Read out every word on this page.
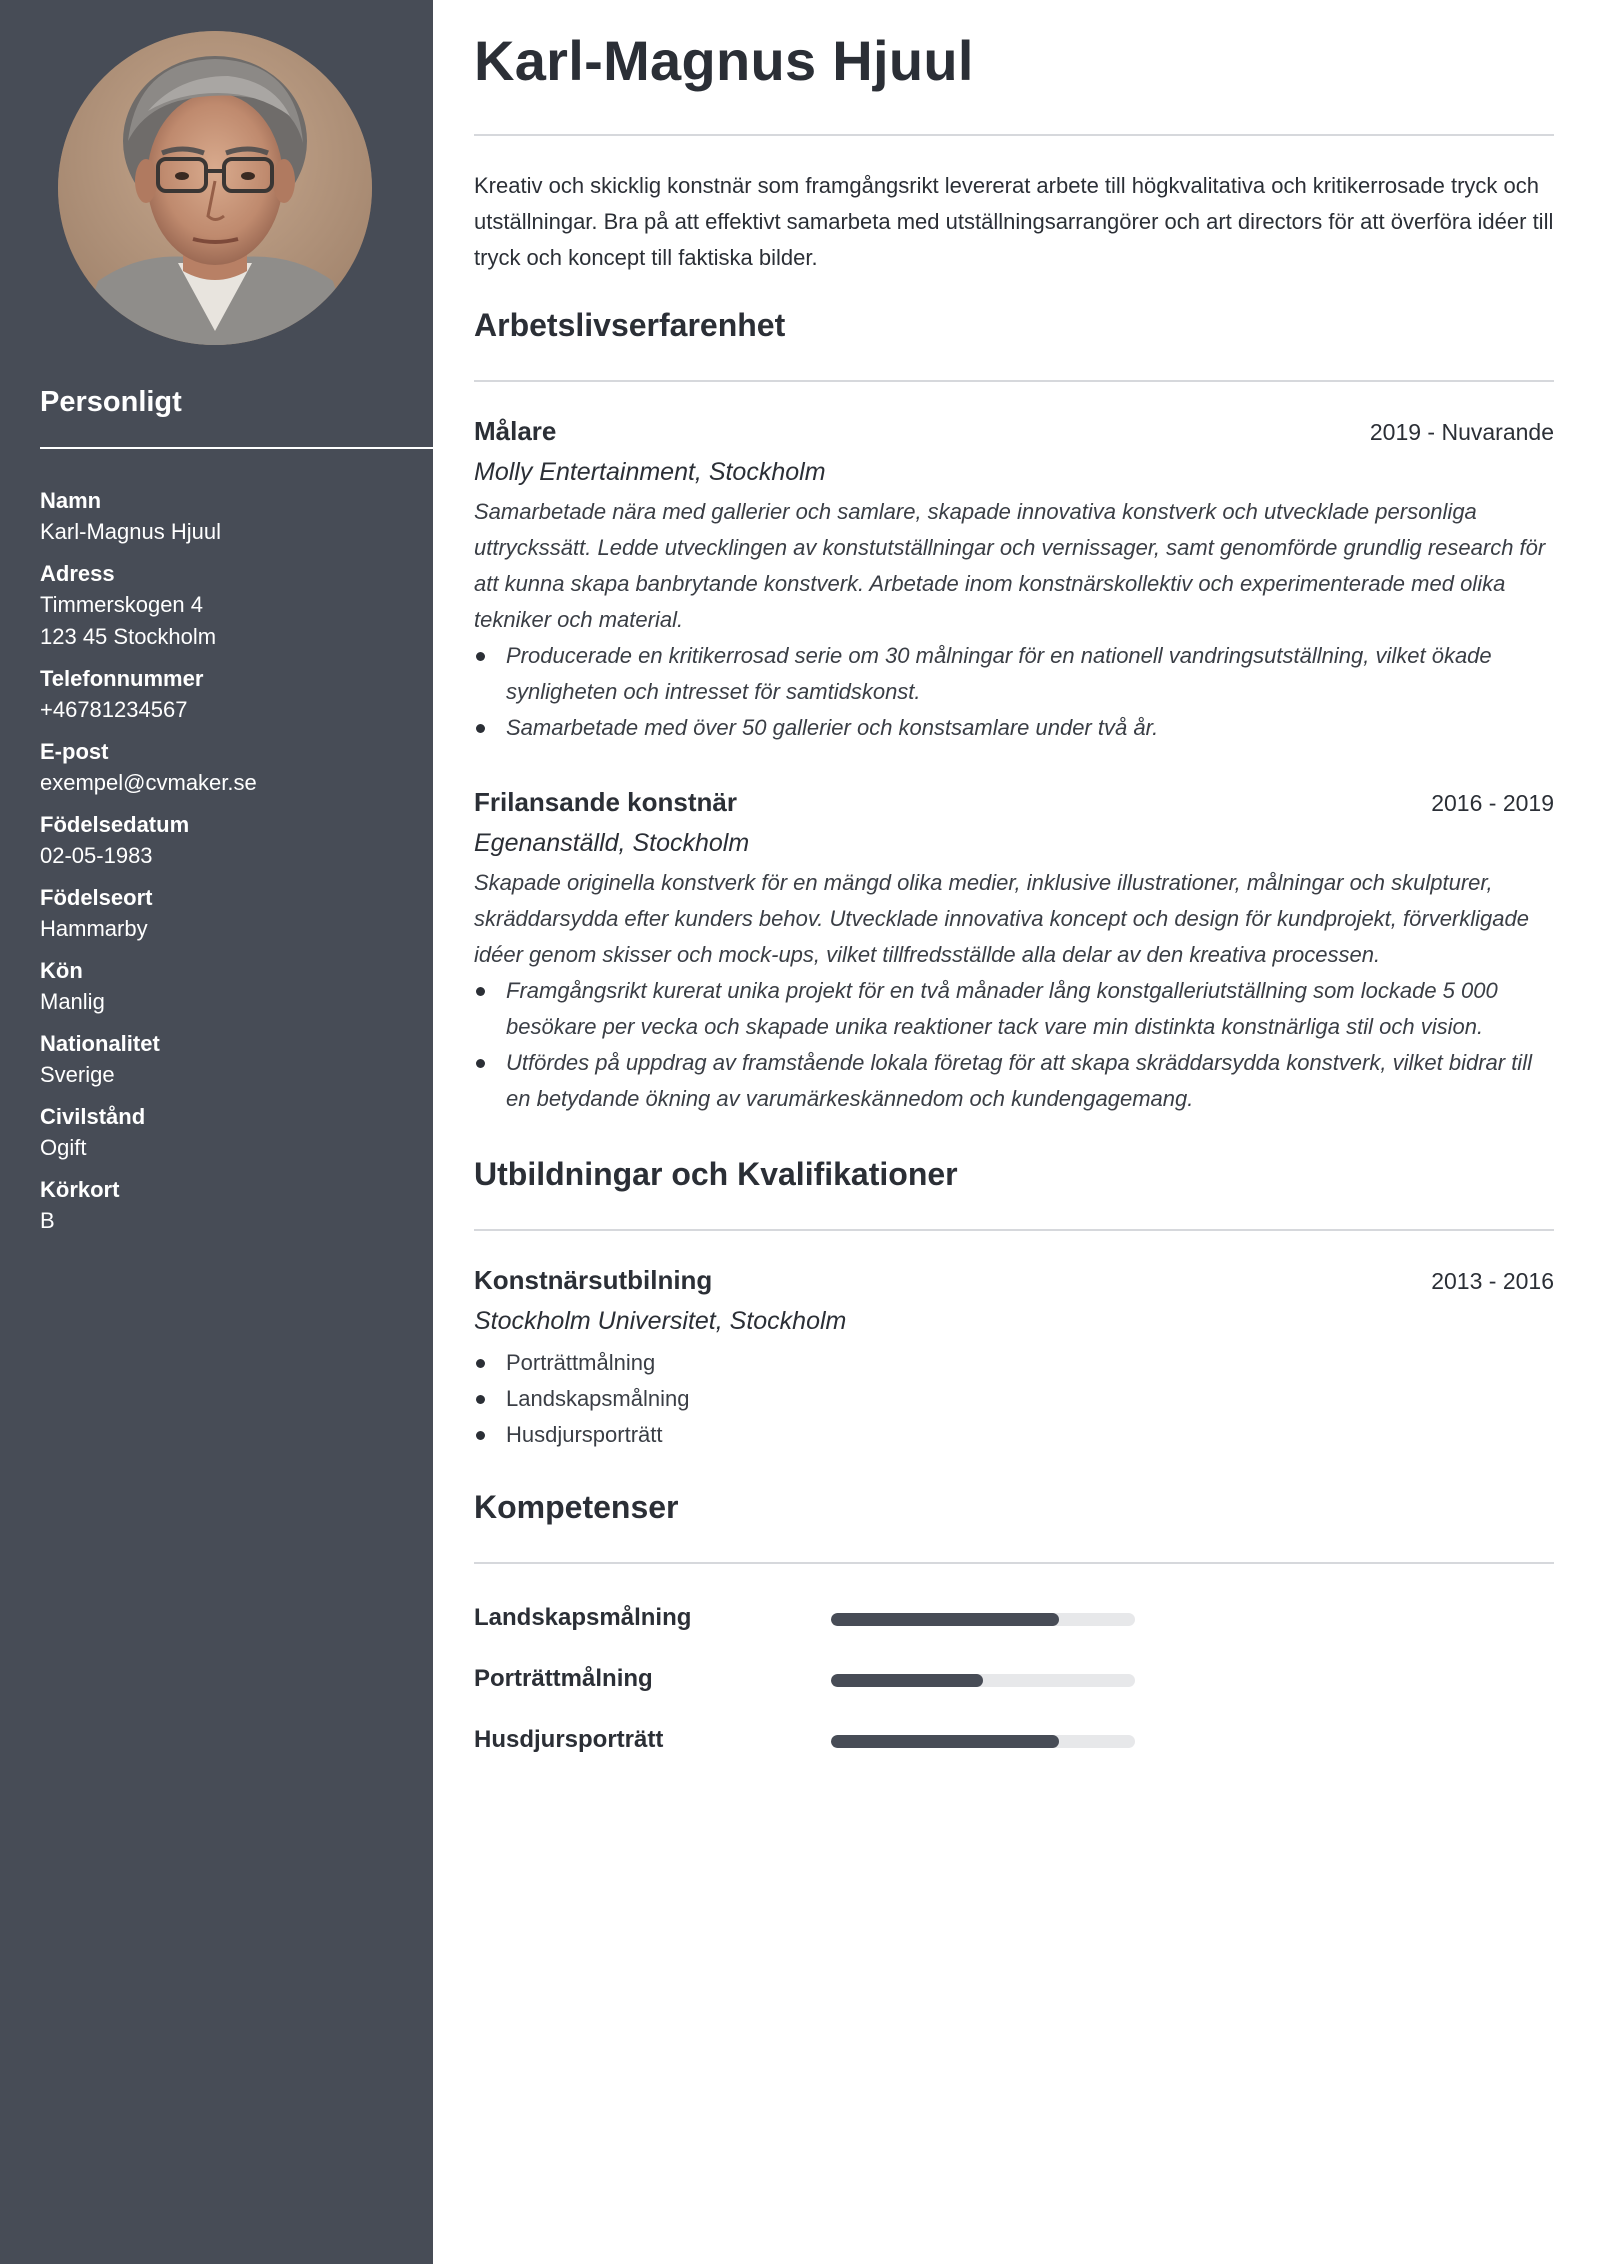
Personligt
Namn
Karl-Magnus Hjuul
Adress
Timmerskogen 4
123 45 Stockholm
Telefonnummer
+46781234567
E-post
exempel@cvmaker.se
Födelsedatum
02-05-1983
Födelseort
Hammarby
Kön
Manlig
Nationalitet
Sverige
Civilstånd
Ogift
Körkort
B
Karl-Magnus Hjuul
Kreativ och skicklig konstnär som framgångsrikt levererat arbete till högkvalitativa och kritikerrosade tryck och utställningar. Bra på att effektivt samarbeta med utställningsarrangörer och art directors för att överföra idéer till tryck och koncept till faktiska bilder.
Arbetslivserfarenhet
Målare	2019 - Nuvarande
Molly Entertainment, Stockholm
Samarbetade nära med gallerier och samlare, skapade innovativa konstverk och utvecklade personliga uttryckssätt. Ledde utvecklingen av konstutställningar och vernissager, samt genomförde grundlig research för att kunna skapa banbrytande konstverk. Arbetade inom konstnärskollektiv och experimenterade med olika tekniker och material.
Producerade en kritikerrosad serie om 30 målningar för en nationell vandringsutställning, vilket ökade synligheten och intresset för samtidskonst.
Samarbetade med över 50 gallerier och konstsamlare under två år.
Frilansande konstnär	2016 - 2019
Egenanställd, Stockholm
Skapade originella konstverk för en mängd olika medier, inklusive illustrationer, målningar och skulpturer, skräddarsydda efter kunders behov. Utvecklade innovativa koncept och design för kundprojekt, förverkligade idéer genom skisser och mock-ups, vilket tillfredsställde alla delar av den kreativa processen.
Framgångsrikt kurerat unika projekt för en två månader lång konstgalleriutställning som lockade 5 000 besökare per vecka och skapade unika reaktioner tack vare min distinkta konstnärliga stil och vision.
Utfördes på uppdrag av framstående lokala företag för att skapa skräddarsydda konstverk, vilket bidrar till en betydande ökning av varumärkeskännedom och kundengagemang.
Utbildningar och Kvalifikationer
Konstnärsutbilning	2013 - 2016
Stockholm Universitet, Stockholm
Porträttmålning
Landskapsmålning
Husdjursporträtt
Kompetenser
Landskapsmålning
Porträttmålning
Husdjursporträtt
